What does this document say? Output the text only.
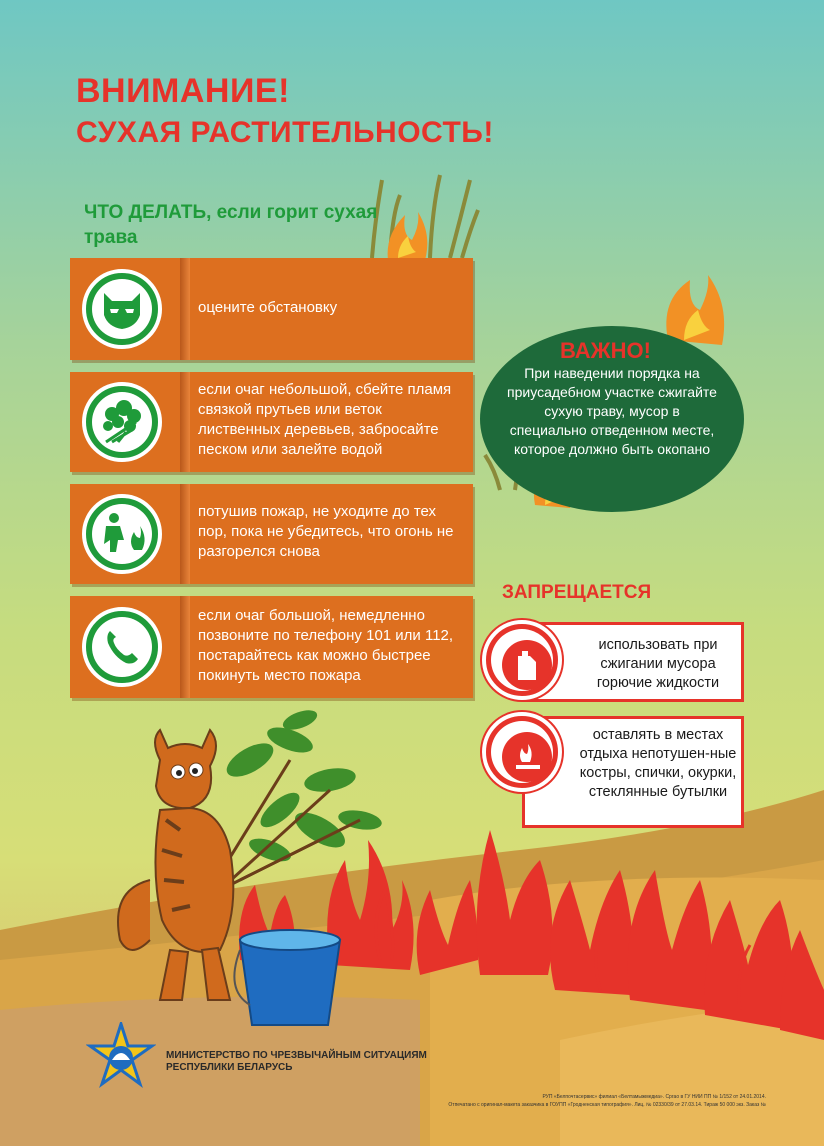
ВНИМАНИЕ!
СУХАЯ РАСТИТЕЛЬНОСТЬ!
ЧТО ДЕЛАТЬ, если горит сухая трава
оцените обстановку
если очаг небольшой, сбейте пламя связкой прутьев или веток лиственных деревьев, забросайте песком или залейте водой
потушив пожар, не уходите до тех пор, пока не убедитесь, что огонь не разгорелся снова
если очаг большой, немедленно позвоните по телефону 101 или 112, постарайтесь как можно быстрее покинуть место пожара
ВАЖНО!
При наведении порядка на приусадебном участке сжигайте сухую траву, мусор в специально отведенном месте, которое должно быть окопано
ЗАПРЕЩАЕТСЯ
использовать при сжигании мусора горючие жидкости
оставлять в местах отдыха непотушен-ные костры, спички, окурки, стеклянные бутылки
МИНИСТЕРСТВО ПО ЧРЕЗВЫЧАЙНЫМ СИТУАЦИЯМ
РЕСПУБЛИКИ БЕЛАРУСЬ
РУП «Белпочтасервис» филиал «Белтамыжмедиа». Сргао в ГУ НИИ ПП № 1/152 от 24.01.2014.
Отпечатано с оригинал-макета заказчика в ГОУПП «Гродненская типография». Лиц. № 02330/39 от 27.03.14. Тираж 50 000 экз. Заказ №
